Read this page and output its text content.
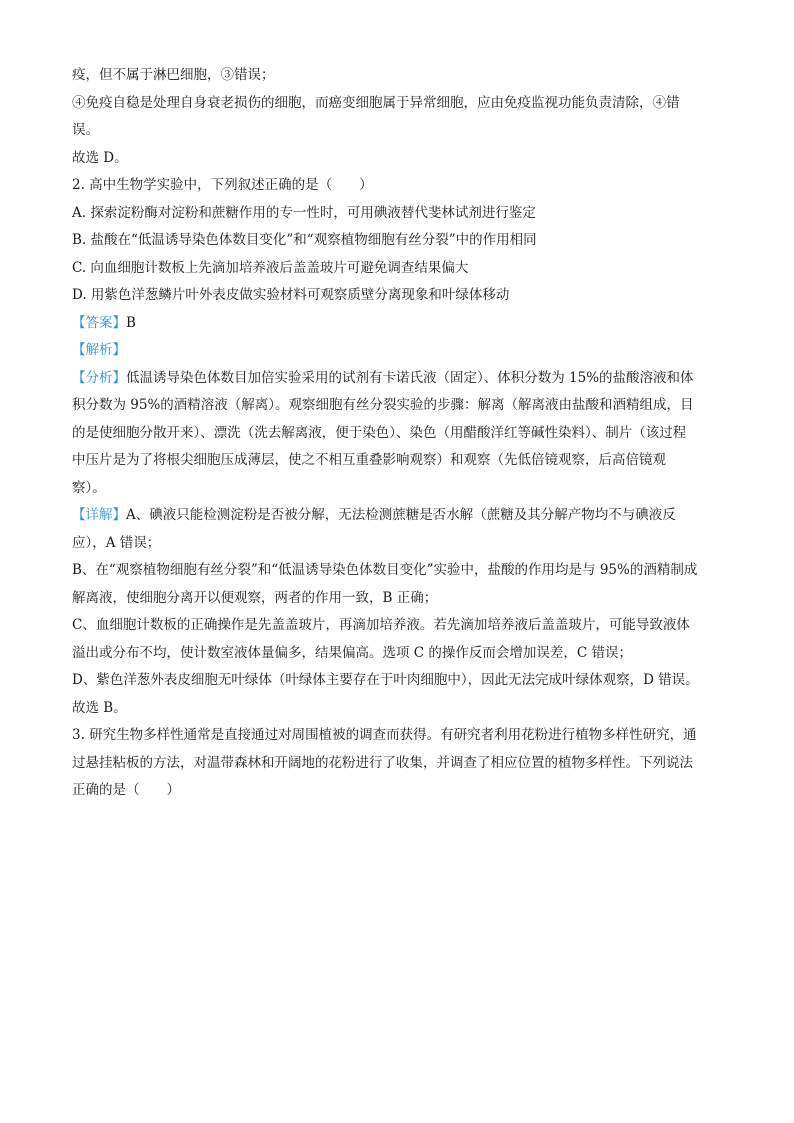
疫，但不属于淋巴细胞，③错误；

④免疫自稳是处理自身衰老损伤的细胞，而癌变细胞属于异常细胞，应由免疫监视功能负责清除，④错

误。

故选 D。

2. 高中生物学实验中，下列叙述正确的是（　　）

A. 探索淀粉酶对淀粉和蔗糖作用的专一性时，可用碘液替代斐林试剂进行鉴定

B. 盐酸在“低温诱导染色体数目变化”和“观察植物细胞有丝分裂”中的作用相同

C. 向血细胞计数板上先滴加培养液后盖盖玻片可避免调查结果偏大

D. 用紫色洋葱鳞片叶外表皮做实验材料可观察质壁分离现象和叶绿体移动

【答案】B

【解析】

【分析】低温诱导染色体数目加倍实验采用的试剂有卡诺氏液（固定）、体积分数为 15%的盐酸溶液和体

积分数为 95%的酒精溶液（解离）。观察细胞有丝分裂实验的步骤：解离（解离液由盐酸和酒精组成，目

的是使细胞分散开来）、漂洗（洗去解离液，便于染色）、染色（用醋酸洋红等碱性染料）、制片（该过程

中压片是为了将根尖细胞压成薄层，使之不相互重叠影响观察）和观察（先低倍镜观察，后高倍镜观

察）。

【详解】A、碘液只能检测淀粉是否被分解，无法检测蔗糖是否水解（蔗糖及其分解产物均不与碘液反

应），A 错误；

B、在“观察植物细胞有丝分裂”和“低温诱导染色体数目变化”实验中，盐酸的作用均是与 95%的酒精制成

解离液，使细胞分离开以便观察，两者的作用一致，B 正确；

C、血细胞计数板的正确操作是先盖盖玻片，再滴加培养液。若先滴加培养液后盖盖玻片，可能导致液体

溢出或分布不均，使计数室液体量偏多，结果偏高。选项 C 的操作反而会增加误差，C 错误；

D、紫色洋葱外表皮细胞无叶绿体（叶绿体主要存在于叶肉细胞中），因此无法完成叶绿体观察，D 错误。

故选 B。

3. 研究生物多样性通常是直接通过对周围植被的调查而获得。有研究者利用花粉进行植物多样性研究，通

过悬挂粘板的方法，对温带森林和开阔地的花粉进行了收集，并调查了相应位置的植物多样性。下列说法

正确的是（　　）
